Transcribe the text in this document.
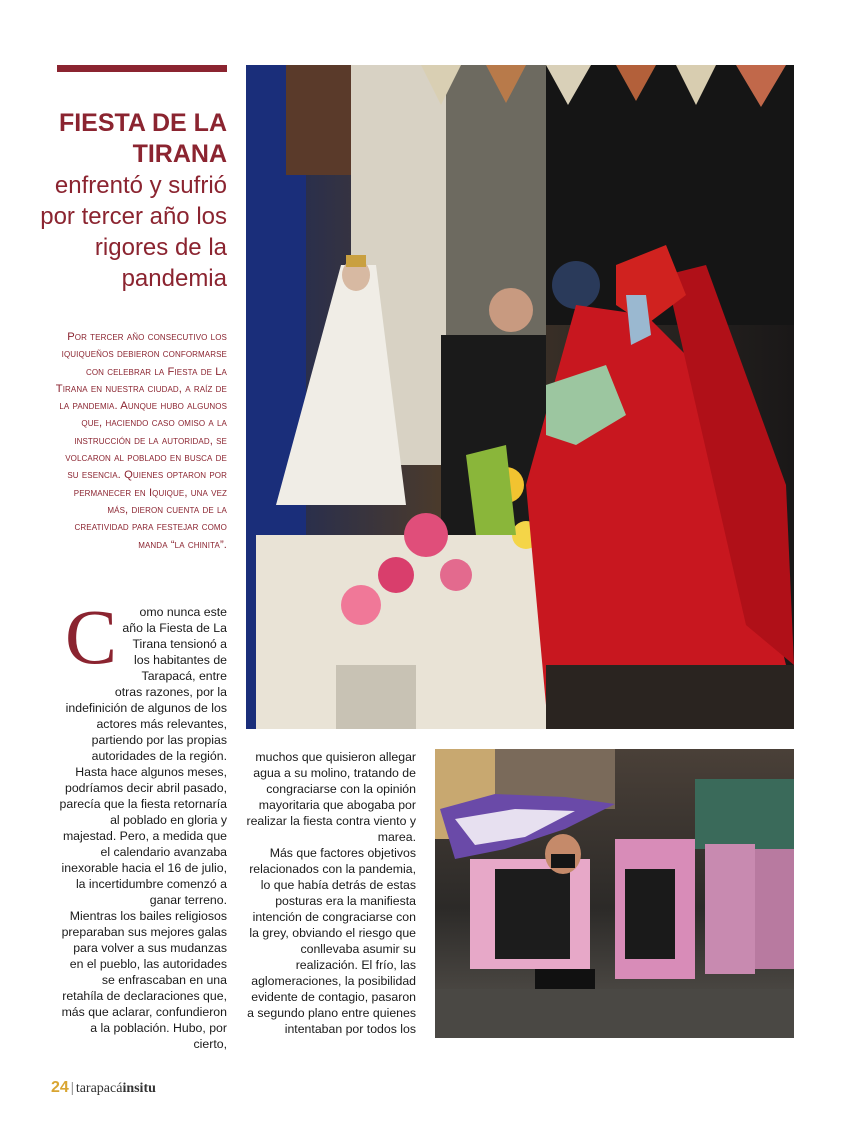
FIESTA DE LA TIRANA
enfrentó y sufrió por tercer año los rigores de la pandemia

Por tercer año consecutivo los iquiqueños debieron conformarse con celebrar la Fiesta de La Tirana en nuestra ciudad, a raíz de la pandemia. Aunque hubo algunos que, haciendo caso omiso a la instrucción de la autoridad, se volcaron al poblado en busca de su esencia. Quienes optaron por permanecer en Iquique, una vez más, dieron cuenta de la creatividad para festejar como manda “la chinita”.

C	omo nunca este año la Fiesta de La Tirana tensionó a los habitantes de Tarapacá, entre otras razones, por la indefinición de algunos de los actores más relevantes, partiendo por las propias autoridades de la región. Hasta hace algunos meses, podríamos decir abril pasado, parecía que la fiesta retornaría al poblado en gloria y majestad. Pero, a medida que el calendario avanzaba inexorable hacia el 16 de julio, la incertidumbre comenzó a ganar terreno.

Mientras los bailes religiosos preparaban sus mejores galas para volver a sus mudanzas en el pueblo, las autoridades se enfrascaban en una retahíla de declaraciones que, más que aclarar, confundieron a la población. Hubo, por cierto,

muchos que quisieron allegar agua a su molino, tratando de congraciarse con la opinión mayoritaria que abogaba por realizar la fiesta contra viento y marea.

Más que factores objetivos relacionados con la pandemia, lo que había detrás de estas posturas era la manifiesta intención de congraciarse con la grey, obviando el riesgo que conllevaba asumir su realización. El frío, las aglomeraciones, la posibilidad evidente de contagio, pasaron a segundo plano entre quienes intentaban por todos los

24 | tarapacáinsitu
